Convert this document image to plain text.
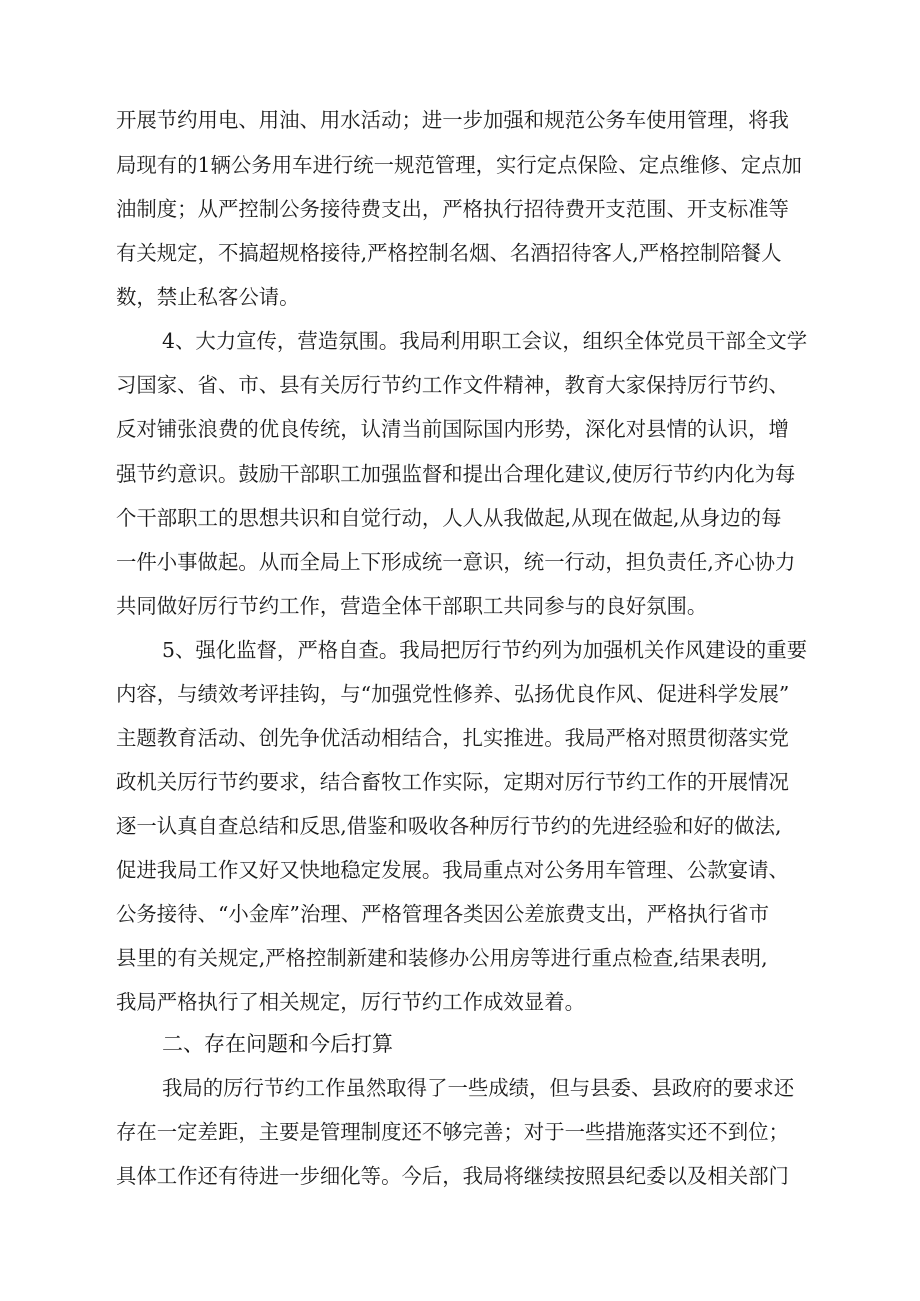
开展节约用电、用油、用水活动；进一步加强和规范公务车使用管理，将我
局现有的1辆公务用车进行统一规范管理，实行定点保险、定点维修、定点加
油制度；从严控制公务接待费支出，严格执行招待费开支范围、开支标准等
有关规定，不搞超规格接待,严格控制名烟、名酒招待客人,严格控制陪餐人
数，禁止私客公请。
4、大力宣传，营造氛围。我局利用职工会议，组织全体党员干部全文学
习国家、省、市、县有关厉行节约工作文件精神，教育大家保持厉行节约、
反对铺张浪费的优良传统，认清当前国际国内形势，深化对县情的认识，增
强节约意识。鼓励干部职工加强监督和提出合理化建议,使厉行节约内化为每
个干部职工的思想共识和自觉行动，人人从我做起,从现在做起,从身边的每
一件小事做起。从而全局上下形成统一意识，统一行动，担负责任,齐心协力
共同做好厉行节约工作，营造全体干部职工共同参与的良好氛围。
5、强化监督，严格自查。我局把厉行节约列为加强机关作风建设的重要
内容，与绩效考评挂钩，与“加强党性修养、弘扬优良作风、促进科学发展”
主题教育活动、创先争优活动相结合，扎实推进。我局严格对照贯彻落实党
政机关厉行节约要求，结合畜牧工作实际，定期对厉行节约工作的开展情况
逐一认真自查总结和反思,借鉴和吸收各种厉行节约的先进经验和好的做法,
促进我局工作又好又快地稳定发展。我局重点对公务用车管理、公款宴请、
公务接待、“小金库”治理、严格管理各类因公差旅费支出，严格执行省市
县里的有关规定,严格控制新建和装修办公用房等进行重点检查,结果表明,
我局严格执行了相关规定，厉行节约工作成效显着。
二、存在问题和今后打算
我局的厉行节约工作虽然取得了一些成绩，但与县委、县政府的要求还
存在一定差距，主要是管理制度还不够完善；对于一些措施落实还不到位；
具体工作还有待进一步细化等。今后，我局将继续按照县纪委以及相关部门
